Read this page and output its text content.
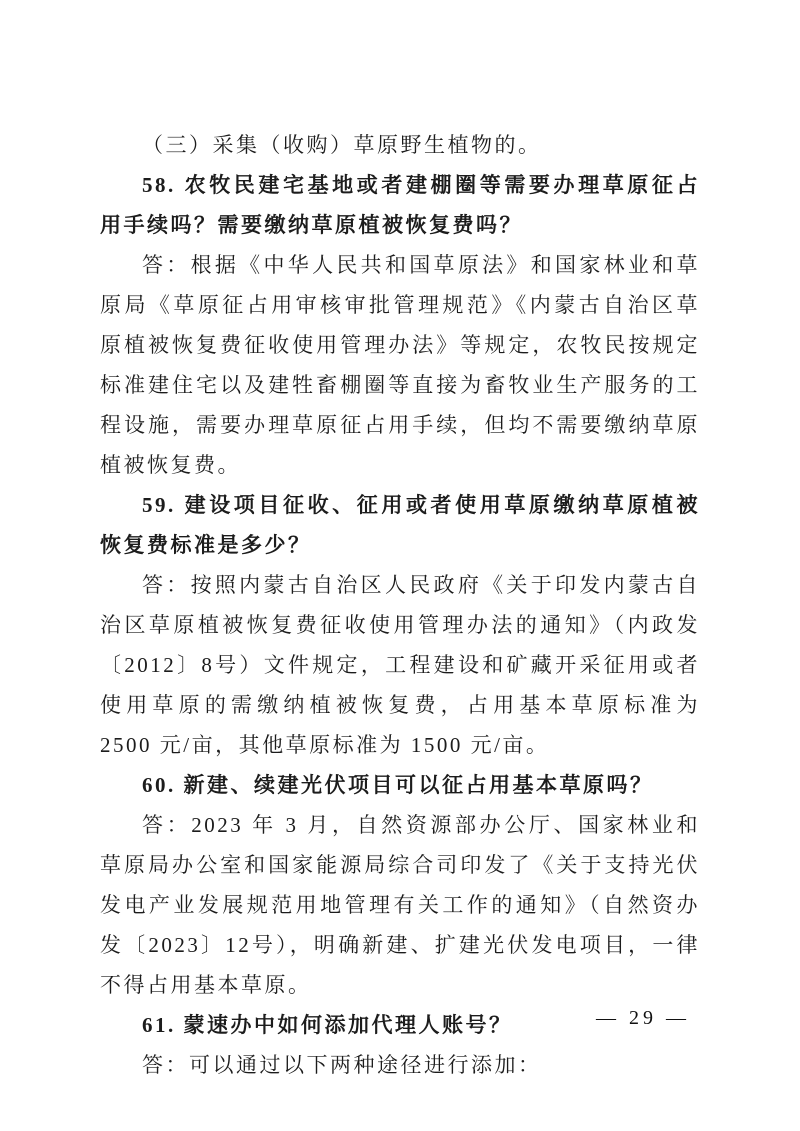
（三）采集（收购）草原野生植物的。

58. 农牧民建宅基地或者建棚圈等需要办理草原征占用手续吗？需要缴纳草原植被恢复费吗？

答：根据《中华人民共和国草原法》和国家林业和草原局《草原征占用审核审批管理规范》《内蒙古自治区草原植被恢复费征收使用管理办法》等规定，农牧民按规定标准建住宅以及建牲畜棚圈等直接为畜牧业生产服务的工程设施，需要办理草原征占用手续，但均不需要缴纳草原植被恢复费。

59. 建设项目征收、征用或者使用草原缴纳草原植被恢复费标准是多少？

答：按照内蒙古自治区人民政府《关于印发内蒙古自治区草原植被恢复费征收使用管理办法的通知》（内政发〔2012〕8号）文件规定，工程建设和矿藏开采征用或者使用草原的需缴纳植被恢复费，占用基本草原标准为 2500 元/亩，其他草原标准为 1500 元/亩。

60. 新建、续建光伏项目可以征占用基本草原吗？

答：2023 年 3 月，自然资源部办公厅、国家林业和草原局办公室和国家能源局综合司印发了《关于支持光伏发电产业发展规范用地管理有关工作的通知》（自然资办发〔2023〕12号），明确新建、扩建光伏发电项目，一律不得占用基本草原。

61. 蒙速办中如何添加代理人账号？

答：可以通过以下两种途径进行添加：

— 29 —
